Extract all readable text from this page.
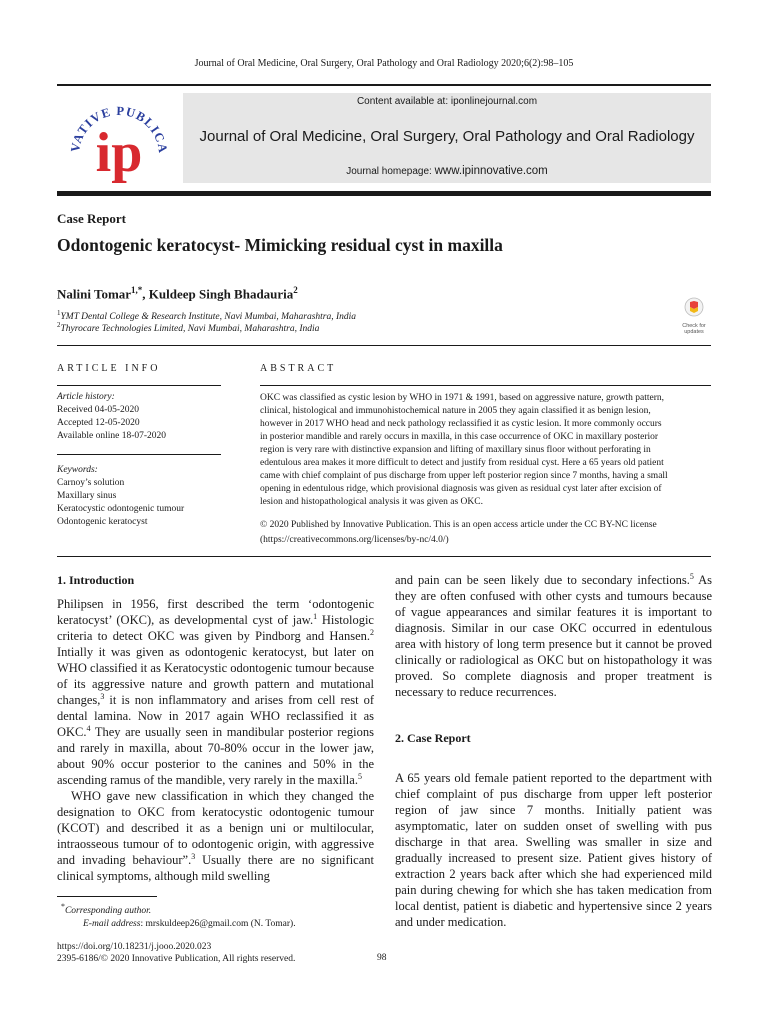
Journal of Oral Medicine, Oral Surgery, Oral Pathology and Oral Radiology 2020;6(2):98–105
VATIVE PUBLICA
ip
Content available at: iponlinejournal.com
Journal of Oral Medicine, Oral Surgery, Oral Pathology and Oral Radiology
Journal homepage: www.ipinnovative.com
Case Report
Odontogenic keratocyst- Mimicking residual cyst in maxilla
Nalini Tomar$^{1,*}$, Kuldeep Singh Bhadauria$^2$
$^1$YMT Dental College & Research Institute, Navi Mumbai, Maharashtra, India
$^2$Thyrocare Technologies Limited, Navi Mumbai, Maharashtra, India	Check for updates
ARTICLE INFO	ABSTRACT
Article history:
Received 04-05-2020
Accepted 12-05-2020
Available online 18-07-2020
Keywords:
Carnoy’s solution
Maxillary sinus
Keratocystic odontogenic tumour
Odontogenic keratocyst
OKC was classified as cystic lesion by WHO in 1971 & 1991, based on aggressive nature, growth pattern,
clinical, histological and immunohistochemical nature in 2005 they again classified it as benign lesion,
however in 2017 WHO head and neck pathology reclassified it as cystic lesion. It more commonly occurs
in posterior mandible and rarely occurs in maxilla, in this case occurrence of OKC in maxillary posterior
region is very rare with distinctive expansion and lifting of maxillary sinus floor without perforating in
edentulous area makes it more difficult to detect and justify from residual cyst. Here a 65 years old patient
came with chief complaint of pus discharge from upper left posterior region since 7 months, having a small
opening in edentulous ridge, which provisional diagnosis was given as residual cyst later after excision of
lesion and histopathological analysis it was given as OKC.
© 2020 Published by Innovative Publication. This is an open access article under the CC BY-NC license
(https://creativecommons.org/licenses/by-nc/4.0/)
1. Introduction

Philipsen in 1956, first described the term ‘odontogenic keratocyst’ (OKC), as developmental cyst of jaw.$^1$ Histologic criteria to detect OKC was given by Pindborg and Hansen.$^2$ Intially it was given as odontogenic keratocyst, but later on WHO classified it as Keratocystic odontogenic tumour because of its aggressive nature and growth pattern and mutational changes,$^3$ it is non inflammatory and arises from cell rest of dental lamina. Now in 2017 again WHO reclassified it as OKC.$^4$ They are usually seen in mandibular posterior regions and rarely in maxilla, about 70-80% occur in the lower jaw, about 90% occur posterior to the canines and 50% in the ascending ramus of the mandible, very rarely in the maxilla.$^5$

WHO gave new classification in which they changed the designation to OKC from keratocystic odontogenic tumour (KCOT) and described it as a benign uni or multilocular, intraosseous tumour of to odontogenic origin, with aggressive and invading behaviour”.$^3$ Usually there are no significant clinical symptoms, although mild swelling

and pain can be seen likely due to secondary infections.$^5$ As they are often confused with other cysts and tumours because of vague appearances and similar features it is important to diagnosis. Similar in our case OKC occurred in edentulous area with history of long term presence but it cannot be proved clinically or radiological as OKC but on histopathology it was proved. So complete diagnosis and proper treatment is necessary to reduce recurrences.

2. Case Report

A 65 years old female patient reported to the department with chief complaint of pus discharge from upper left posterior region of jaw since 7 months. Initially patient was asymptomatic, later on sudden onset of swelling with pus discharge in that area. Swelling was smaller in size and gradually increased to present size. Patient gives history of extraction 2 years back after which she had experienced mild pain during chewing for which she has taken medication from local dentist, patient is diabetic and hypertensive since 2 years and under medication.

*Corresponding author.
E-mail address: mrskuldeep26@gmail.com (N. Tomar).
https://doi.org/10.18231/j.jooo.2020.023
2395-6186/© 2020 Innovative Publication, All rights reserved.	98
